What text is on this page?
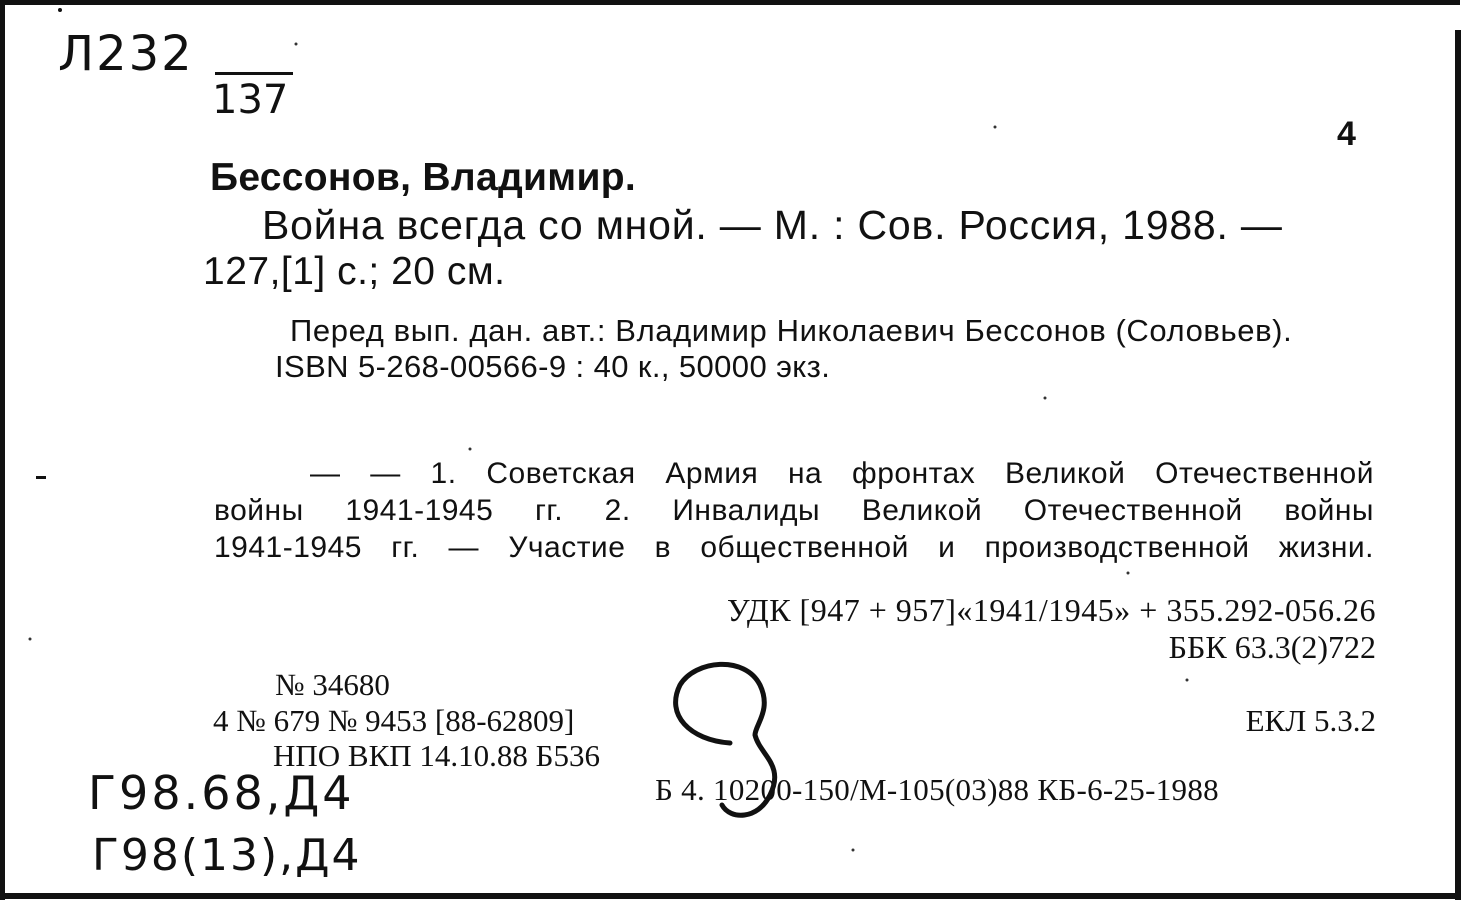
Л232
137
4
Бессонов, Владимир.
Война всегда со мной. — М. : Сов. Россия, 1988. —
127,[1] с.; 20 см.
Перед вып. дан. авт.: Владимир Николаевич Бессонов (Соловьев).
ISBN 5-268-00566-9 : 40 к., 50000 экз.
— — 1. Советская Армия на фронтах Великой Отечественной
войны 1941-1945 гг. 2. Инвалиды Великой Отечественной войны
1941-1945 гг. — Участие в общественной и производственной жизни.
УДК [947 + 957]«1941/1945» + 355.292-056.26
ББК 63.3(2)722
№ 34680
4 № 679 № 9453 [88-62809]
НПО ВКП 14.10.88 Б536
ЕКЛ 5.3.2
Б 4. 10200-150/М-105(03)88 КБ-6-25-1988
Г98.68,Д4
Г98(13),Д4
